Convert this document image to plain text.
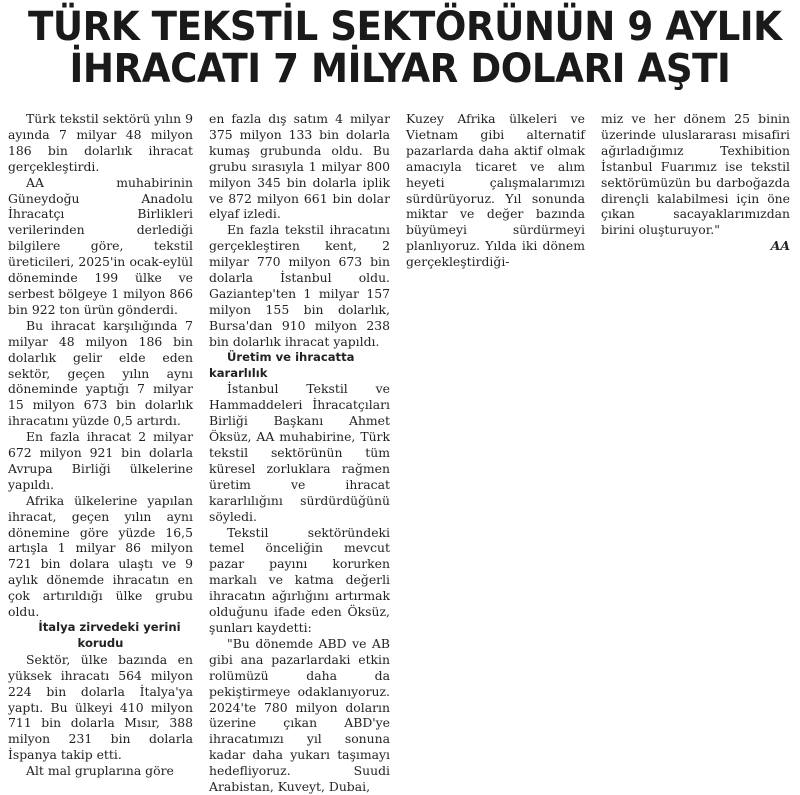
TÜRK TEKSTİL SEKTÖRÜNÜN 9 AYLIK
İHRACATI 7 MİLYAR DOLARI AŞTI

Türk tekstil sektörü yılın 9 ayında 7 milyar 48 milyon 186 bin dolarlık ihracat gerçekleştirdi.

AA muhabirinin Güneydoğu Anadolu İhracatçı Birlikleri verilerinden derlediği bilgilere göre, tekstil üreticileri, 2025'in ocak-eylül döneminde 199 ülke ve serbest bölgeye 1 milyon 866 bin 922 ton ürün gönderdi.

Bu ihracat karşılığında 7 milyar 48 milyon 186 bin dolarlık gelir elde eden sektör, geçen yılın aynı döneminde yaptığı 7 milyar 15 milyon 673 bin dolarlık ihracatını yüzde 0,5 artırdı.

En fazla ihracat 2 milyar 672 milyon 921 bin dolarla Avrupa Birliği ülkelerine yapıldı.

Afrika ülkelerine yapılan ihracat, geçen yılın aynı dönemine göre yüzde 16,5 artışla 1 milyar 86 milyon 721 bin dolara ulaştı ve 9 aylık dönemde ihracatın en çok artırıldığı ülke grubu oldu.

İtalya zirvedeki yerini korudu

Sektör, ülke bazında en yüksek ihracatı 564 milyon 224 bin dolarla İtalya'ya yaptı. Bu ülkeyi 410 milyon 711 bin dolarla Mısır, 388 milyon 231 bin dolarla İspanya takip etti.

Alt mal gruplarına göre

en fazla dış satım 4 milyar 375 milyon 133 bin dolarla kumaş grubunda oldu. Bu grubu sırasıyla 1 milyar 800 milyon 345 bin dolarla iplik ve 872 milyon 661 bin dolar elyaf izledi.

En fazla tekstil ihracatını gerçekleştiren kent, 2 milyar 770 milyon 673 bin dolarla İstanbul oldu. Gaziantep'ten 1 milyar 157 milyon 155 bin dolarlık, Bursa'dan 910 milyon 238 bin dolarlık ihracat yapıldı.

Üretim ve ihracatta kararlılık

İstanbul Tekstil ve Hammaddeleri İhracatçıları Birliği Başkanı Ahmet Öksüz, AA muhabirine, Türk tekstil sektörünün tüm küresel zorluklara rağmen üretim ve ihracat kararlılığını sürdürdüğünü söyledi.

Tekstil sektöründeki temel önceliğin mevcut pazar payını korurken markalı ve katma değerli ihracatın ağırlığını artırmak olduğunu ifade eden Öksüz, şunları kaydetti:

"Bu dönemde ABD ve AB gibi ana pazarlardaki etkin rolümüzü daha da pekiştirmeye odaklanıyoruz. 2024'te 780 milyon doların üzerine çıkan ABD'ye ihracatımızı yıl sonuna kadar daha yukarı taşımayı hedefliyoruz. Suudi Arabistan, Kuveyt, Dubai,

Kuzey Afrika ülkeleri ve Vietnam gibi alternatif pazarlarda daha aktif olmak amacıyla ticaret ve alım heyeti çalışmalarımızı sürdürüyoruz. Yıl sonunda miktar ve değer bazında büyümeyi sürdürmeyi planlıyoruz. Yılda iki dönem gerçekleştirdiği-

miz ve her dönem 25 binin üzerinde uluslararası misafiri ağırladığımız Texhibition İstanbul Fuarımız ise tekstil sektörümüzün bu darboğazda dirençli kalabilmesi için öne çıkan sacayaklarımızdan birini oluşturuyor."

AA
